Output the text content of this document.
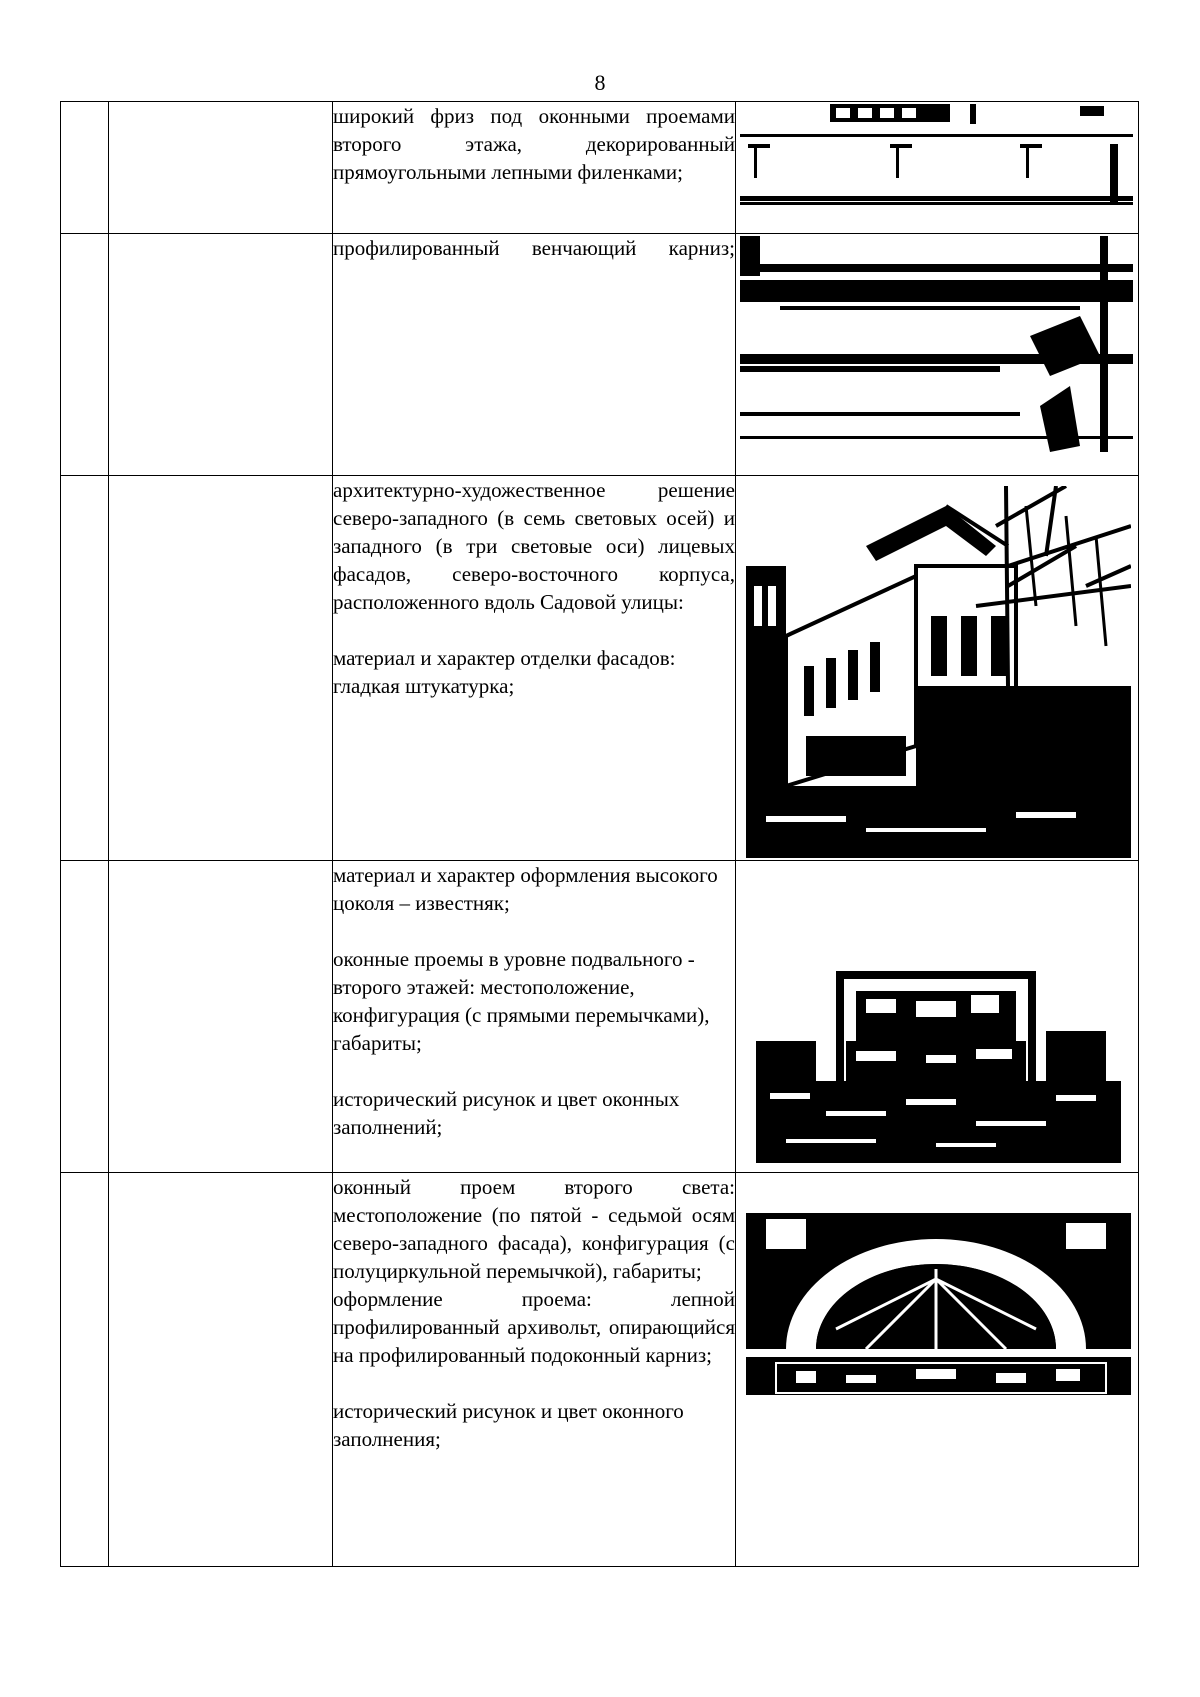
8

		широкий фриз под оконными проемами второго этажа, декорированный прямоугольными лепными филенками;

		профилированный венчающий карниз;

		архитектурно-художественное решение северо-западного (в семь световых осей) и западного (в три световые оси) лицевых фасадов, северо-восточного корпуса, расположенного вдоль Садовой улицы:

материал и характер отделки фасадов: гладкая штукатурка;

		материал и характер оформления высокого цоколя – известняк;

оконные проемы в уровне подвального - второго этажей: местоположение, конфигурация (с прямыми перемычками), габариты;

исторический рисунок и цвет оконных заполнений;

		оконный проем второго света: местоположение (по пятой - седьмой осям северо-западного фасада), конфигурация (с полуциркульной перемычкой), габариты;

оформление проема: лепной профилированный архивольт, опирающийся на профилированный подоконный карниз;

исторический рисунок и цвет оконного заполнения;
